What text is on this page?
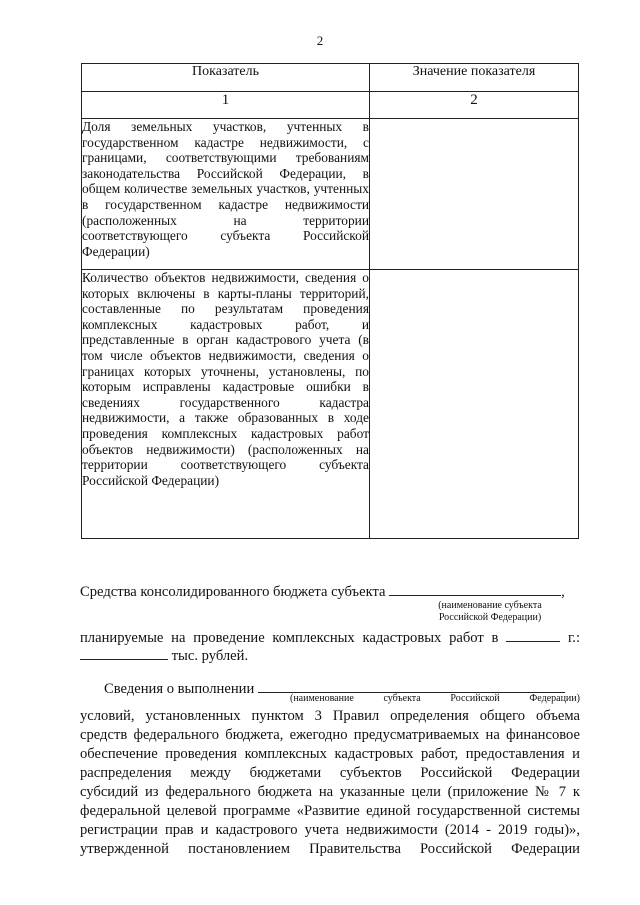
2
Показатель	Значение показателя
1	2
Доля земельных участков, учтенных в государственном кадастре недвижимости, с границами, соответствующими требованиям законодательства Российской Федерации, в общем количестве земельных участков, учтенных в государственном кадастре недвижимости (расположенных на территории соответствующего субъекта Российской Федерации)	
Количество объектов недвижимости, сведения о которых включены в карты-планы территорий, составленные по результатам проведения комплексных кадастровых работ, и представленные в орган кадастрового учета (в том числе объектов недвижимости, сведения о границах которых уточнены, установлены, по которым исправлены кадастровые ошибки в сведениях государственного кадастра недвижимости, а также образованных в ходе проведения комплексных кадастровых работ объектов недвижимости) (расположенных на территории соответствующего субъекта Российской Федерации)	
Средства консолидированного бюджета субъекта	,
(наименование субъекта
Российской Федерации)
планируемые на проведение комплексных кадастровых работ в	г.:
тыс. рублей.
Сведения о выполнении
(наименование	субъекта	Российской	Федерации)
условий, установленных пунктом 3 Правил определения общего объема
средств федерального бюджета, ежегодно предусматриваемых на финансовое
обеспечение проведения комплексных кадастровых работ, предоставления и
распределения между бюджетами субъектов Российской Федерации
субсидий из федерального бюджета на указанные цели (приложение № 7 к
федеральной целевой программе «Развитие единой государственной системы
регистрации прав и кадастрового учета недвижимости (2014 - 2019 годы)»,
утвержденной постановлением Правительства Российской Федерации
